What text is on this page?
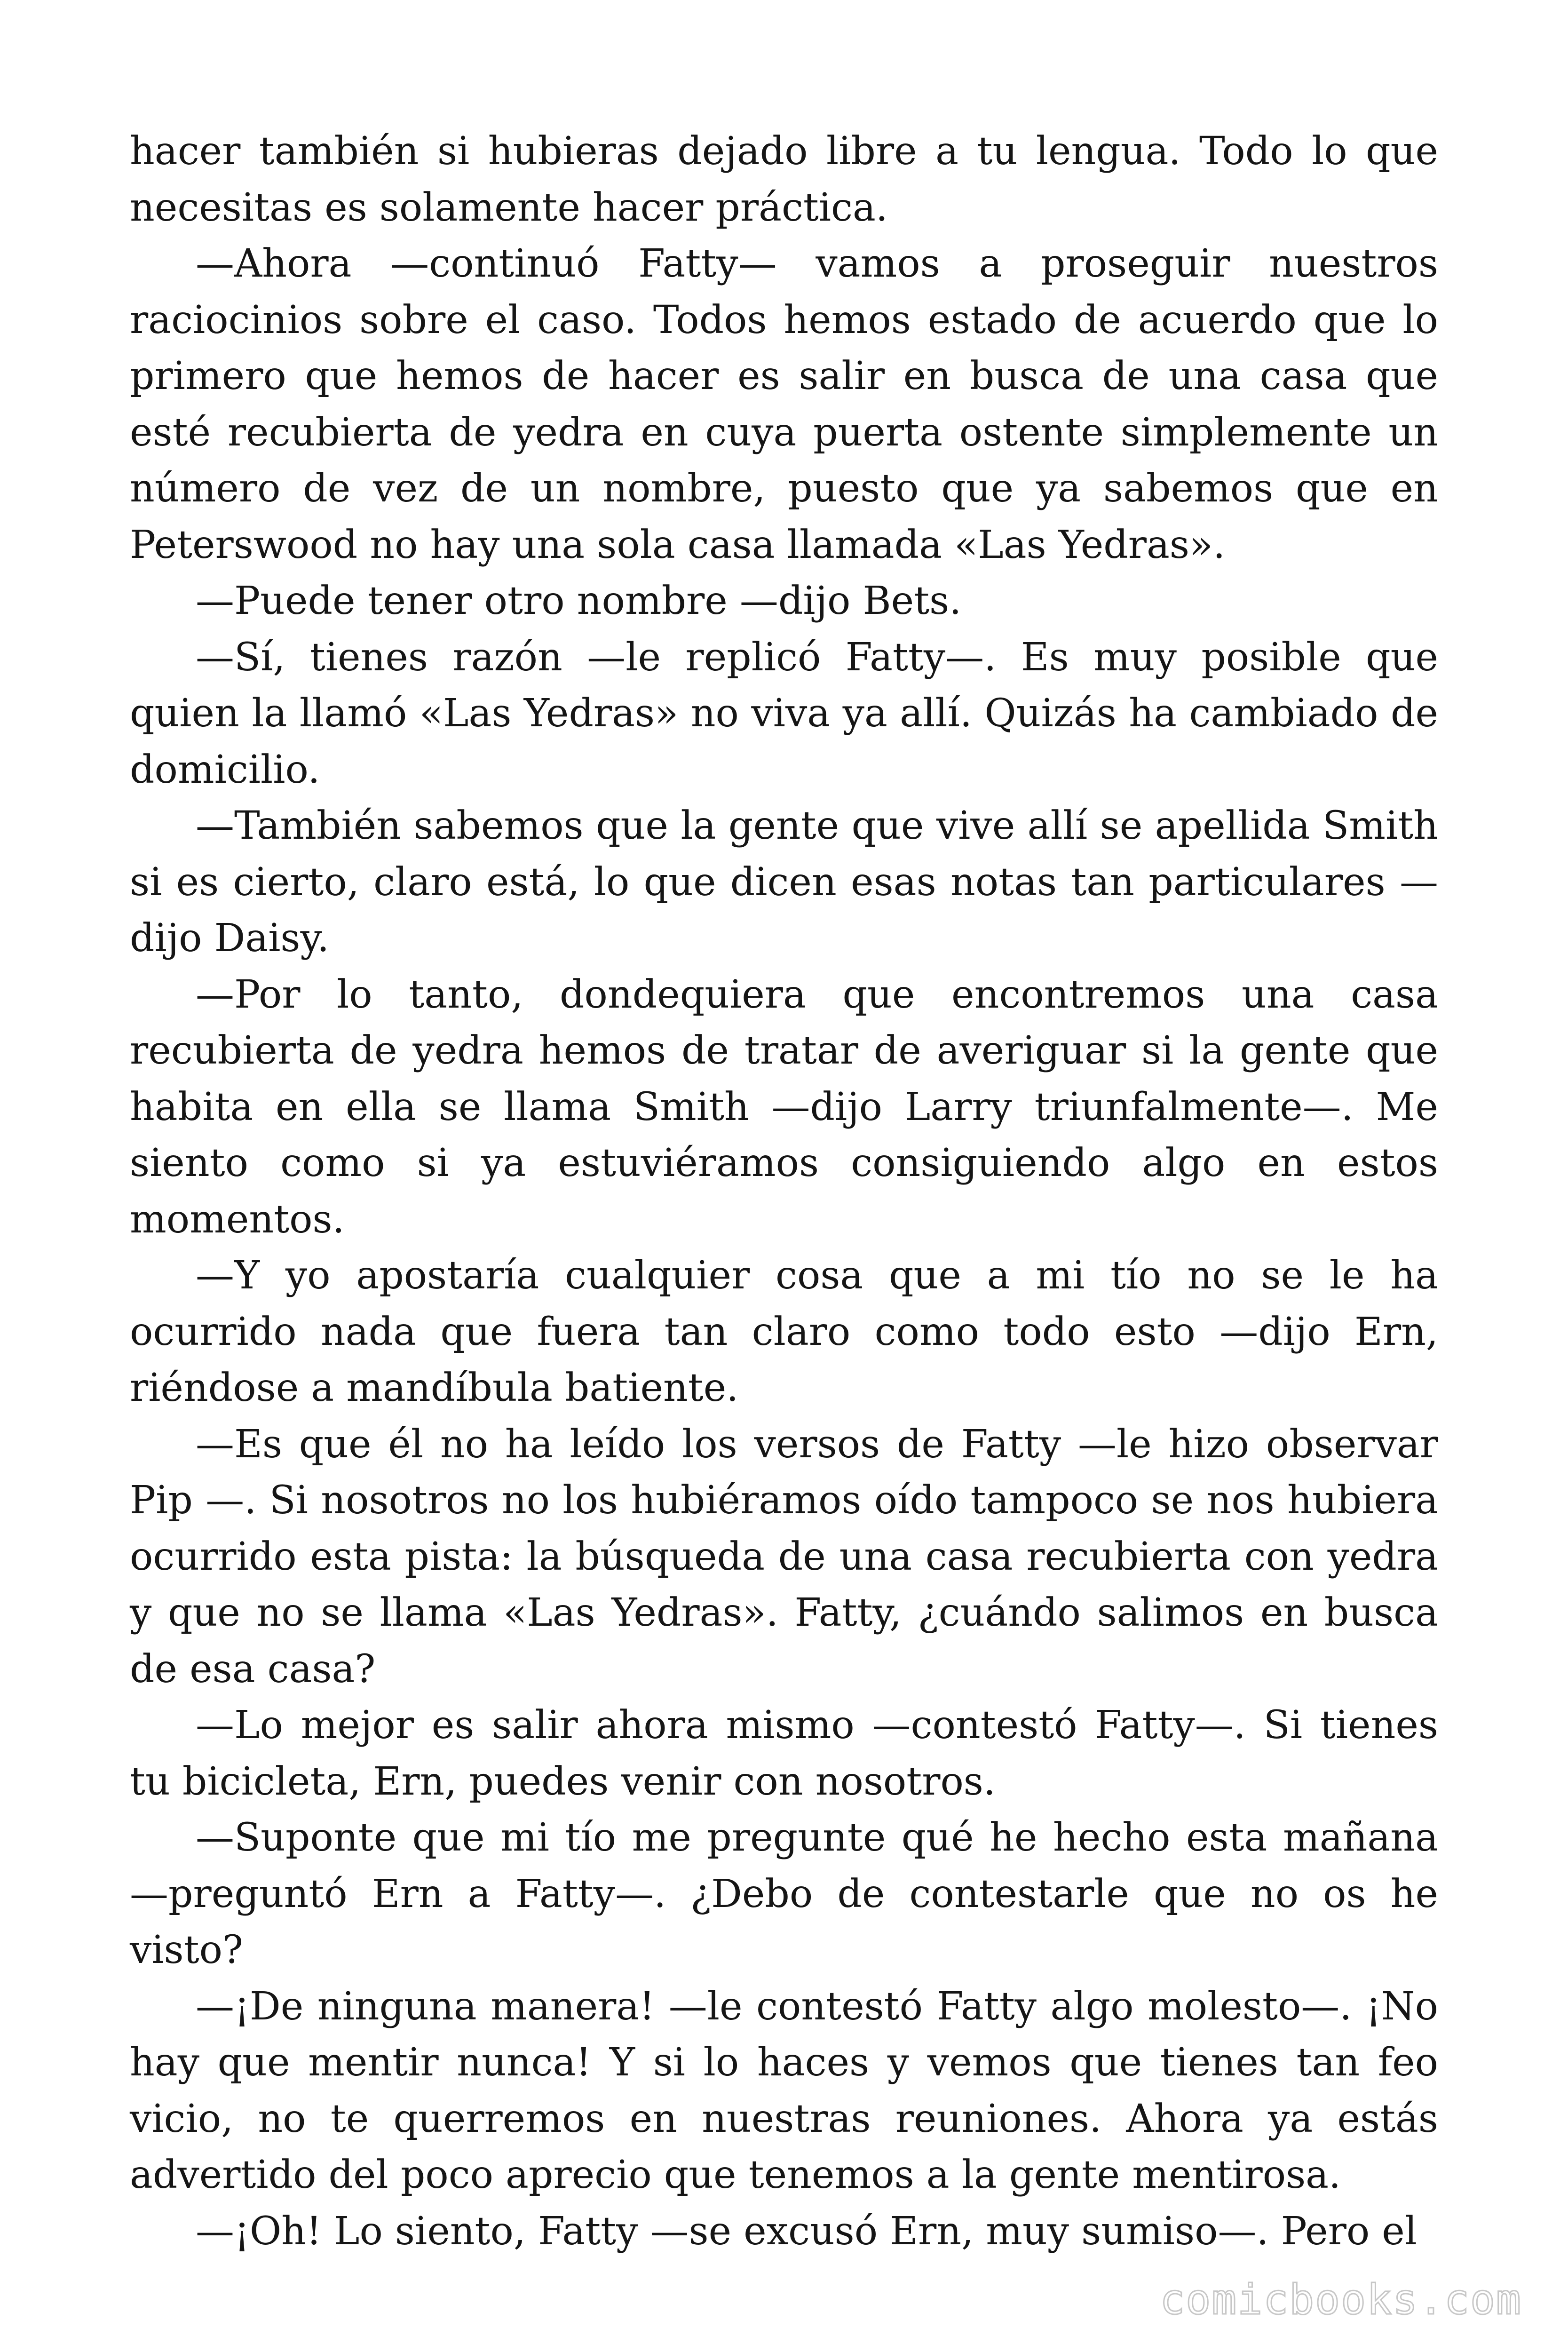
hacer también si hubieras dejado libre a tu lengua. Todo lo que necesitas es solamente hacer práctica.

—Ahora —continuó Fatty— vamos a proseguir nuestros raciocinios sobre el caso. Todos hemos estado de acuerdo que lo primero que hemos de hacer es salir en busca de una casa que esté recubierta de yedra en cuya puerta ostente simplemente un número de vez de un nombre, puesto que ya sabemos que en Peterswood no hay una sola casa llamada «Las Yedras».

—Puede tener otro nombre —dijo Bets.

—Sí, tienes razón —le replicó Fatty—. Es muy posible que quien la llamó «Las Yedras» no viva ya allí. Quizás ha cambiado de domicilio.

—También sabemos que la gente que vive allí se apellida Smith si es cierto, claro está, lo que dicen esas notas tan particulares —dijo Daisy.

—Por lo tanto, dondequiera que encontremos una casa recubierta de yedra hemos de tratar de averiguar si la gente que habita en ella se llama Smith —dijo Larry triunfalmente—. Me siento como si ya estuviéramos consiguiendo algo en estos momentos.

—Y yo apostaría cualquier cosa que a mi tío no se le ha ocurrido nada que fuera tan claro como todo esto —dijo Ern, riéndose a mandíbula batiente.

—Es que él no ha leído los versos de Fatty —le hizo observar Pip —. Si nosotros no los hubiéramos oído tampoco se nos hubiera ocurrido esta pista: la búsqueda de una casa recubierta con yedra y que no se llama «Las Yedras». Fatty, ¿cuándo salimos en busca de esa casa?

—Lo mejor es salir ahora mismo —contestó Fatty—. Si tienes tu bicicleta, Ern, puedes venir con nosotros.

—Suponte que mi tío me pregunte qué he hecho esta mañana —preguntó Ern a Fatty—. ¿Debo de contestarle que no os he visto?

—¡De ninguna manera! —le contestó Fatty algo molesto—. ¡No hay que mentir nunca! Y si lo haces y vemos que tienes tan feo vicio, no te querremos en nuestras reuniones. Ahora ya estás advertido del poco aprecio que tenemos a la gente mentirosa.

—¡Oh! Lo siento, Fatty —se excusó Ern, muy sumiso—. Pero el

comicbooks.com
